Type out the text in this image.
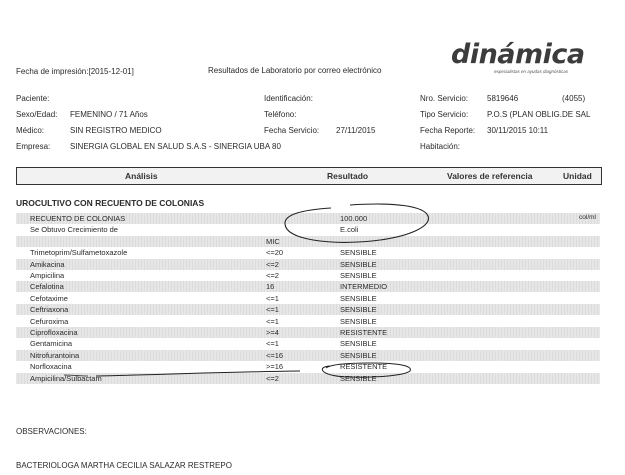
Fecha de impresión:[2015-12-01]	Resultados de Laboratorio por correo electrónico
dinámica
especialistas en ayudas diagnósticas
Paciente:
Sexo/Edad: FEMENINO / 71 Años
Médico:	SIN REGISTRO MEDICO
Empresa: SINERGIA GLOBAL EN SALUD S.A.S - SINERGIA UBA 80
Identificación:
Teléfono:
Fecha Servicio: 27/11/2015
Nro. Servicio: 5819646	(4055)
Tipo Servicio: P.O.S (PLAN OBLIG.DE SAL
Fecha Reporte: 30/11/2015 10:11
Habitación:
Análisis	Resultado	Valores de referencia	Unidad
UROCULTIVO CON RECUENTO DE COLONIAS
RECUENTO DE COLONIAS	100.000	col/ml
Se Obtuvo Crecimiento de	E.coli
MIC
Trimetoprim/Sulfametoxazole	<=20	SENSIBLE
Amikacina	<=2	SENSIBLE
Ampicilina	<=2	SENSIBLE
Cefalotina	16	INTERMEDIO
Cefotaxime	<=1	SENSIBLE
Ceftriaxona	<=1	SENSIBLE
Cefuroxima	<=1	SENSIBLE
Ciprofloxacina	>=4	RESISTENTE
Gentamicina	<=1	SENSIBLE
Nitrofurantoina	<=16	SENSIBLE
Norfloxacina	>=16	RESISTENTE
Ampicilina/Sulbactam	<=2	SENSIBLE
OBSERVACIONES:
BACTERIOLOGA MARTHA CECILIA SALAZAR RESTREPO
